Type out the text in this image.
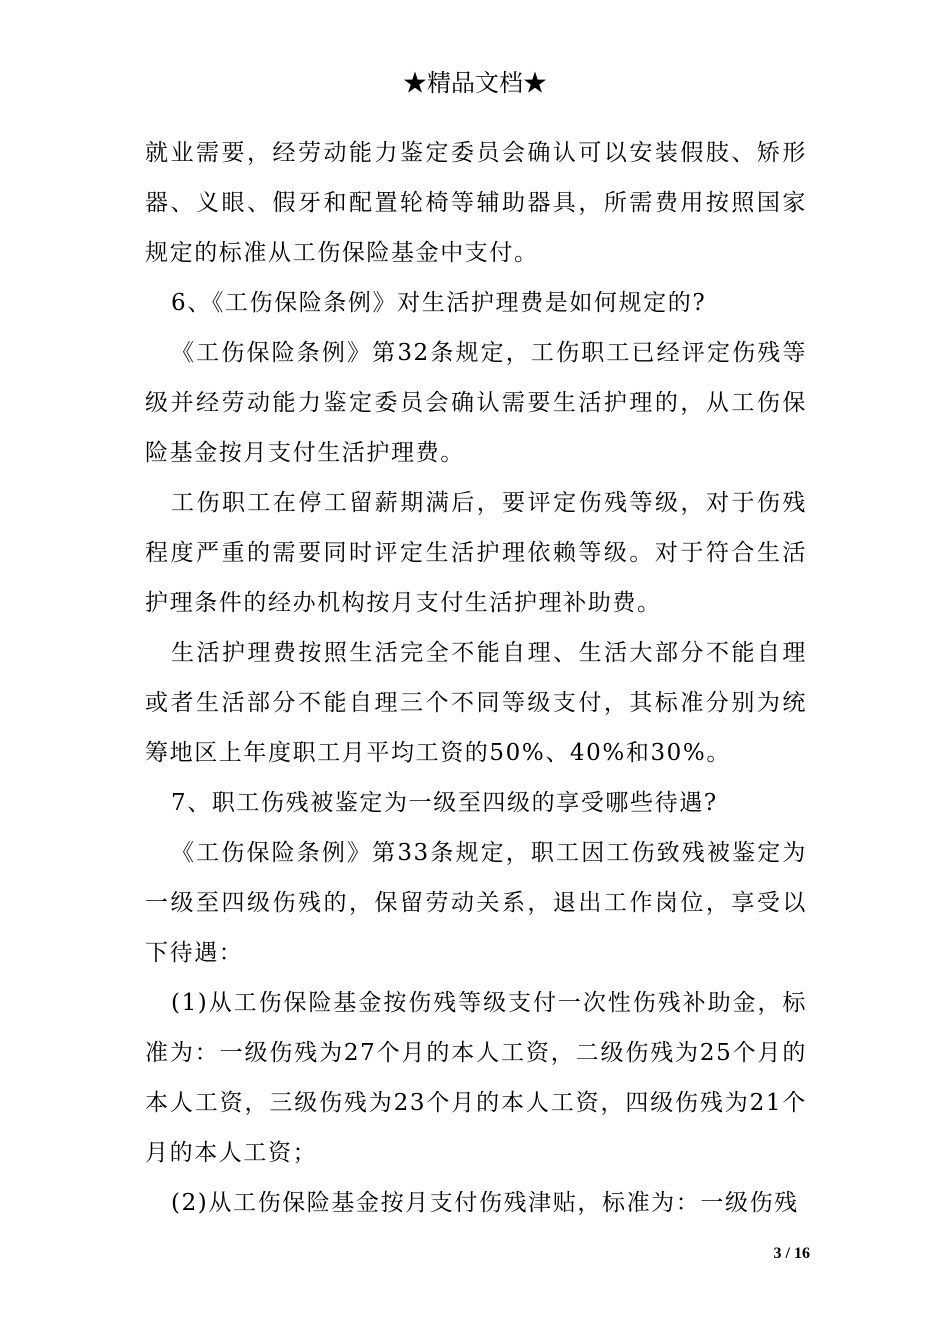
★精品文档★

就业需要，经劳动能力鉴定委员会确认可以安装假肢、矫形器、义眼、假牙和配置轮椅等辅助器具，所需费用按照国家规定的标准从工伤保险基金中支付。

6、《工伤保险条例》对生活护理费是如何规定的?

《工伤保险条例》第32条规定，工伤职工已经评定伤残等级并经劳动能力鉴定委员会确认需要生活护理的，从工伤保险基金按月支付生活护理费。

工伤职工在停工留薪期满后，要评定伤残等级，对于伤残程度严重的需要同时评定生活护理依赖等级。对于符合生活护理条件的经办机构按月支付生活护理补助费。

生活护理费按照生活完全不能自理、生活大部分不能自理或者生活部分不能自理三个不同等级支付，其标准分别为统筹地区上年度职工月平均工资的50%、40%和30%。

7、职工伤残被鉴定为一级至四级的享受哪些待遇?

《工伤保险条例》第33条规定，职工因工伤致残被鉴定为一级至四级伤残的，保留劳动关系，退出工作岗位，享受以下待遇：

(1)从工伤保险基金按伤残等级支付一次性伤残补助金，标准为：一级伤残为27个月的本人工资，二级伤残为25个月的本人工资，三级伤残为23个月的本人工资，四级伤残为21个月的本人工资；

(2)从工伤保险基金按月支付伤残津贴，标准为：一级伤残

3 / 16
